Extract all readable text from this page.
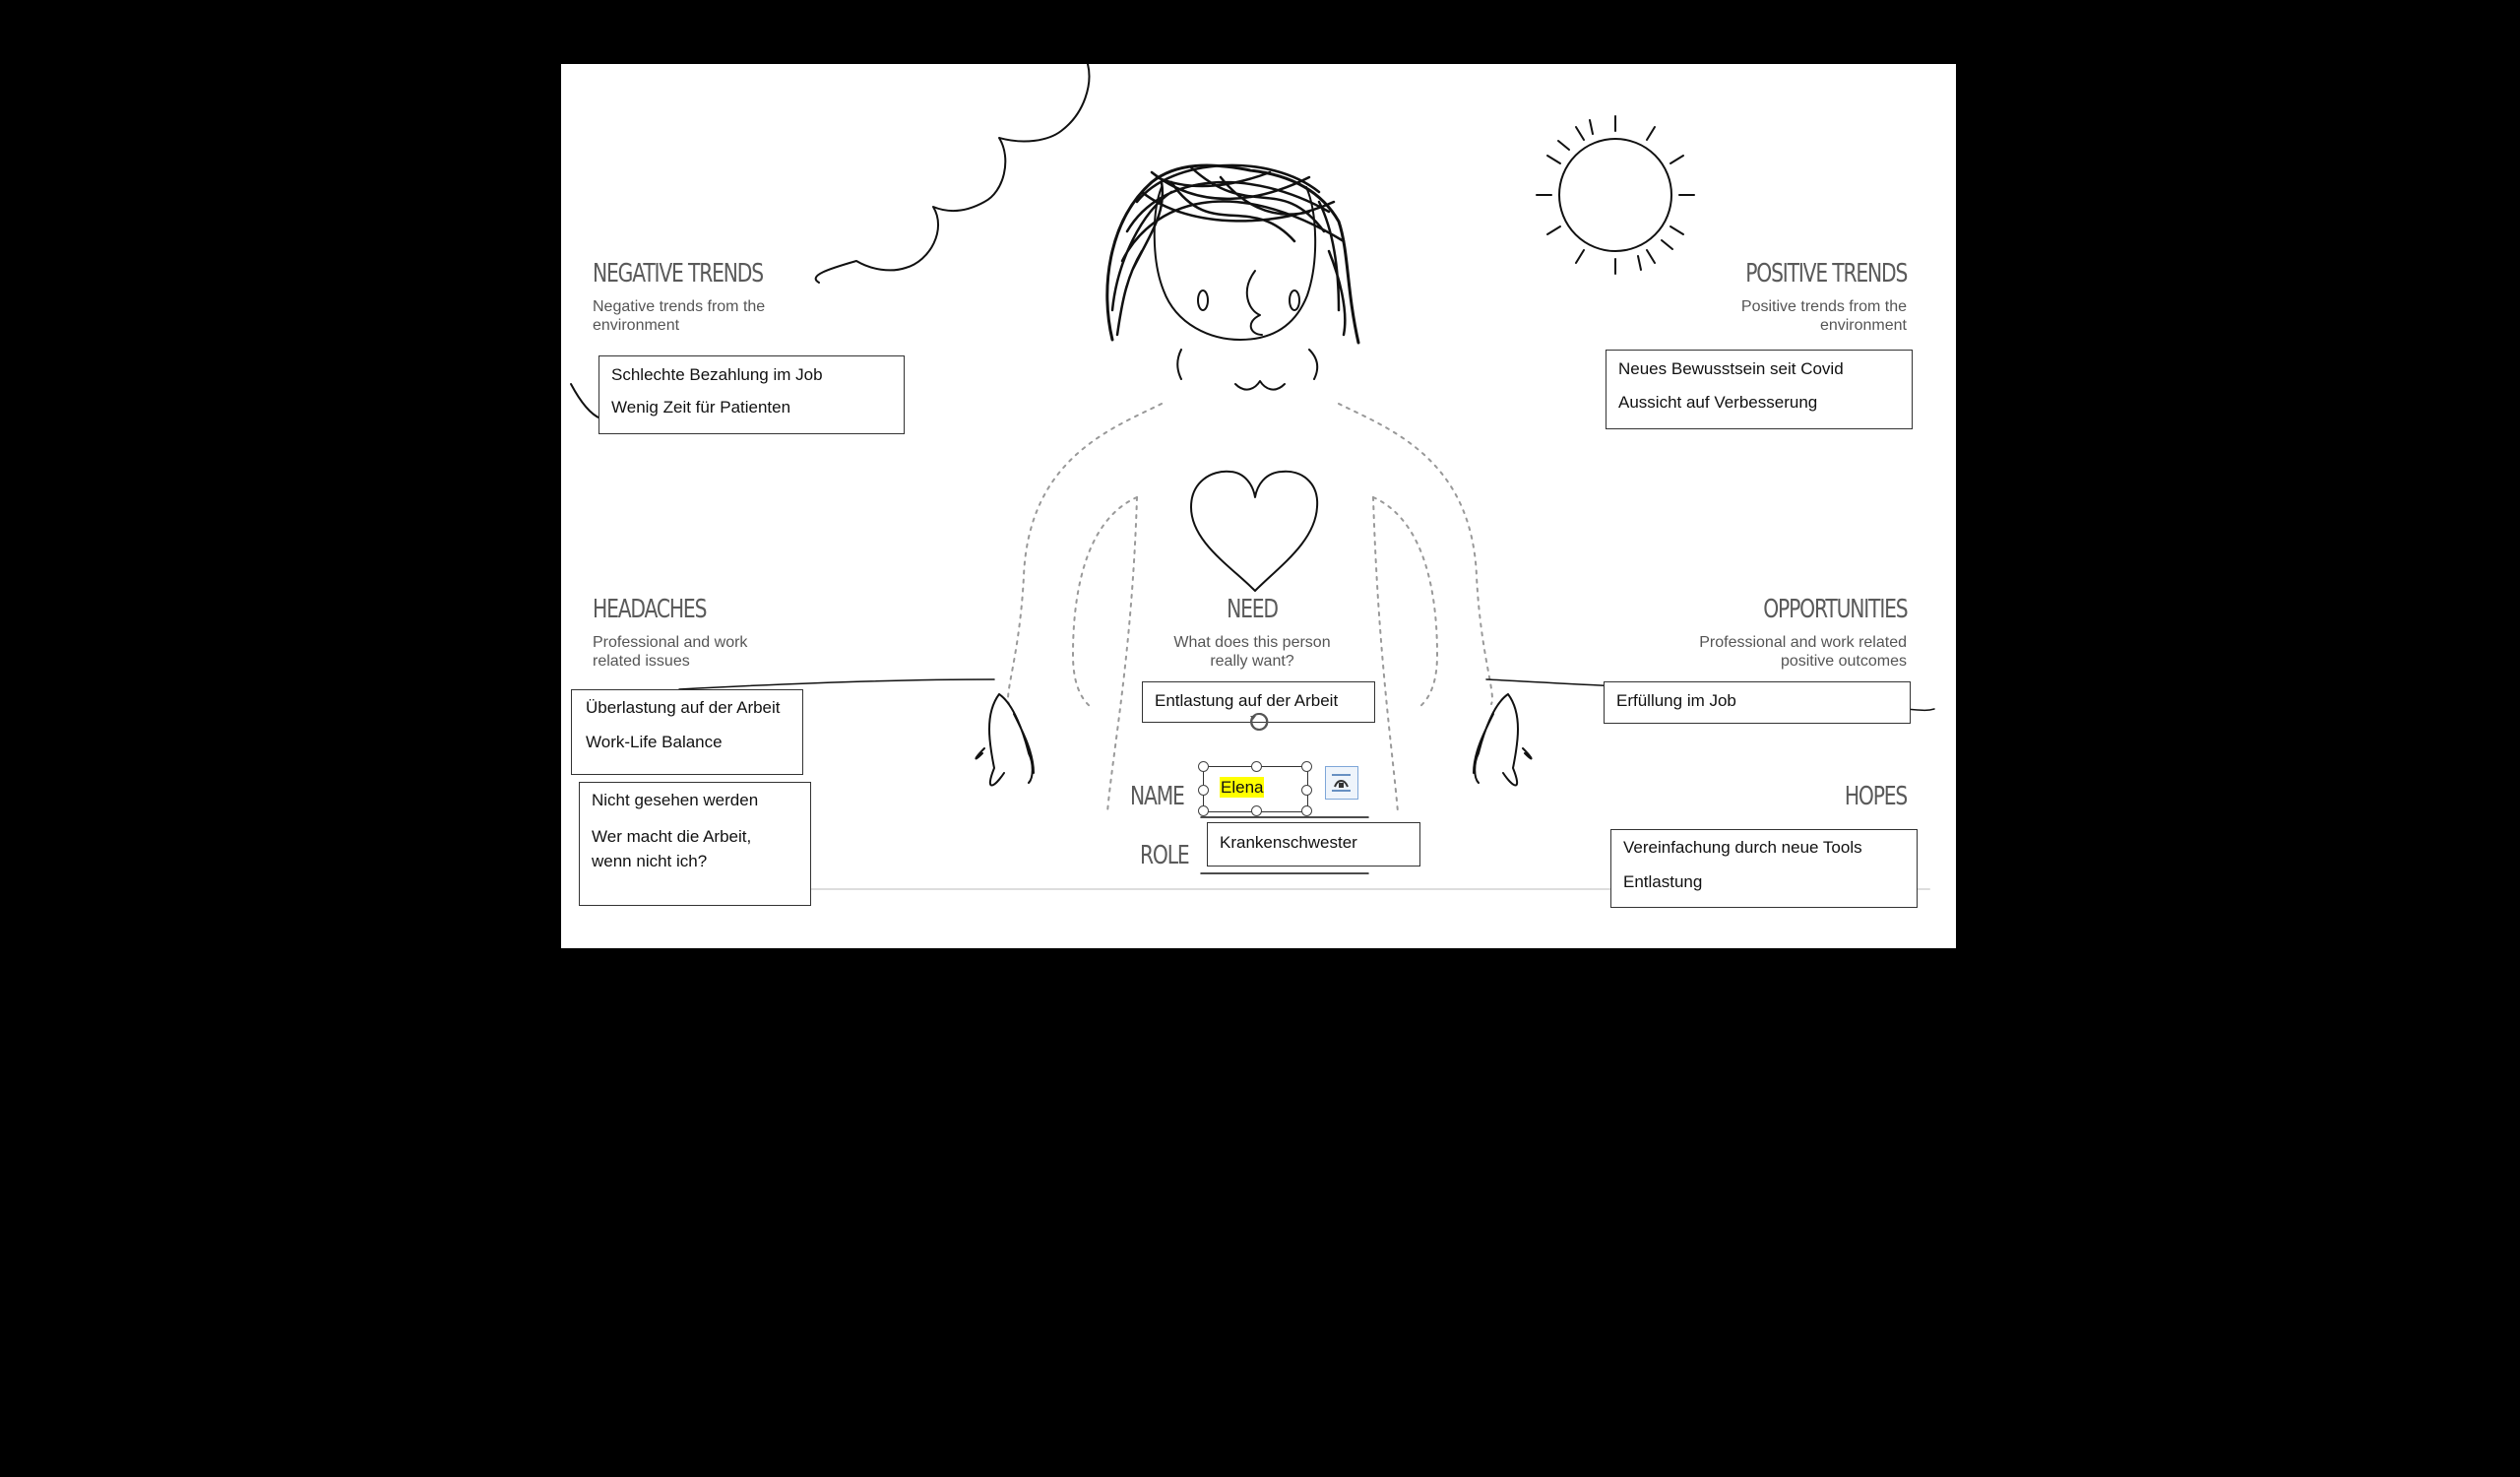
NEGATIVE TRENDS
Negative trends from the
environment

Schlechte Bezahlung im Job

Wenig Zeit für Patienten

POSITIVE TRENDS
Positive trends from the
environment

Neues Bewusstsein seit Covid

Aussicht auf Verbesserung

HEADACHES
Professional and work
related issues

Überlastung auf der Arbeit

Work-Life Balance

Nicht gesehen werden

Wer macht die Arbeit,

wenn nicht ich?

NEED
What does this person
really want?

Entlastung auf der Arbeit

OPPORTUNITIES
Professional and work related
positive outcomes

Erfüllung im Job

HOPES

Vereinfachung durch neue Tools

Entlastung

NAME Elena
ROLE	Krankenschwester
